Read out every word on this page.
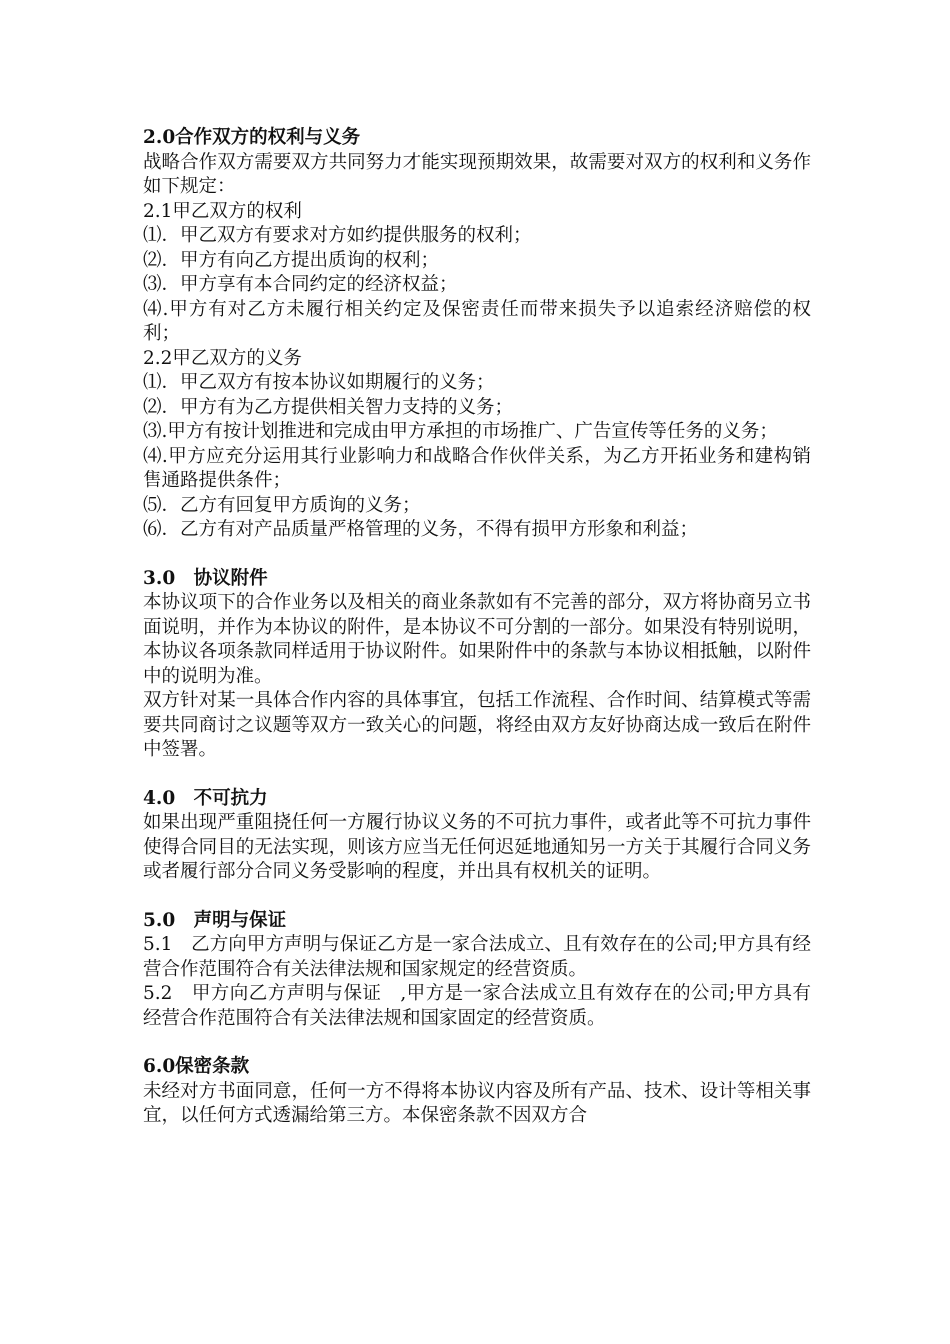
2.0合作双方的权利与义务

战略合作双方需要双方共同努力才能实现预期效果，故需要对双方的权利和义务作如下规定：

2.1甲乙双方的权利

⑴．甲乙双方有要求对方如约提供服务的权利；

⑵．甲方有向乙方提出质询的权利；

⑶．甲方享有本合同约定的经济权益；

⑷.甲方有对乙方未履行相关约定及保密责任而带来损失予以追索经济赔偿的权利；

2.2甲乙双方的义务

⑴．甲乙双方有按本协议如期履行的义务；

⑵．甲方有为乙方提供相关智力支持的义务；

⑶.甲方有按计划推进和完成由甲方承担的市场推广、广告宣传等任务的义务；

⑷.甲方应充分运用其行业影响力和战略合作伙伴关系，为乙方开拓业务和建构销售通路提供条件；

⑸．乙方有回复甲方质询的义务；

⑹．乙方有对产品质量严格管理的义务，不得有损甲方形象和利益；

3.0　协议附件

本协议项下的合作业务以及相关的商业条款如有不完善的部分，双方将协商另立书面说明，并作为本协议的附件，是本协议不可分割的一部分。如果没有特别说明，本协议各项条款同样适用于协议附件。如果附件中的条款与本协议相抵触，以附件中的说明为准。

双方针对某一具体合作内容的具体事宜，包括工作流程、合作时间、结算模式等需要共同商讨之议题等双方一致关心的问题，将经由双方友好协商达成一致后在附件中签署。

4.0　不可抗力

如果出现严重阻挠任何一方履行协议义务的不可抗力事件，或者此等不可抗力事件使得合同目的无法实现，则该方应当无任何迟延地通知另一方关于其履行合同义务或者履行部分合同义务受影响的程度，并出具有权机关的证明。

5.0　声明与保证

5.1　乙方向甲方声明与保证乙方是一家合法成立、且有效存在的公司;甲方具有经营合作范围符合有关法律法规和国家规定的经营资质。

5.2　甲方向乙方声明与保证　,甲方是一家合法成立且有效存在的公司;甲方具有经营合作范围符合有关法律法规和国家固定的经营资质。

6.0保密条款

未经对方书面同意，任何一方不得将本协议内容及所有产品、技术、设计等相关事宜，以任何方式透漏给第三方。本保密条款不因双方合
